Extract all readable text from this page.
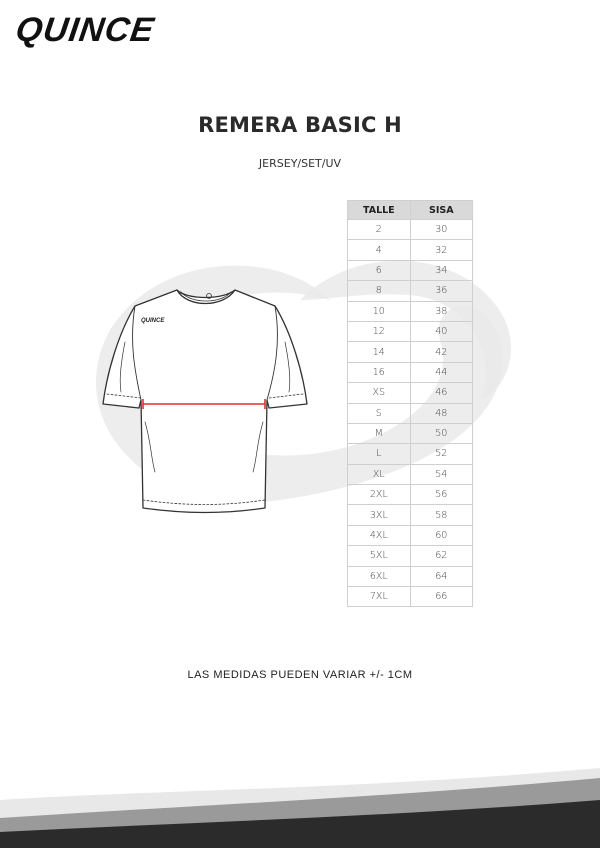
QUINCE
REMERA BASIC H
JERSEY/SET/UV
QUINCE
TALLE	SISA
2	30
4	32
6	34
8	36
10	38
12	40
14	42
16	44
XS	46
S	48
M	50
L	52
XL	54
2XL	56
3XL	58
4XL	60
5XL	62
6XL	64
7XL	66
LAS MEDIDAS PUEDEN VARIAR +/- 1CM
